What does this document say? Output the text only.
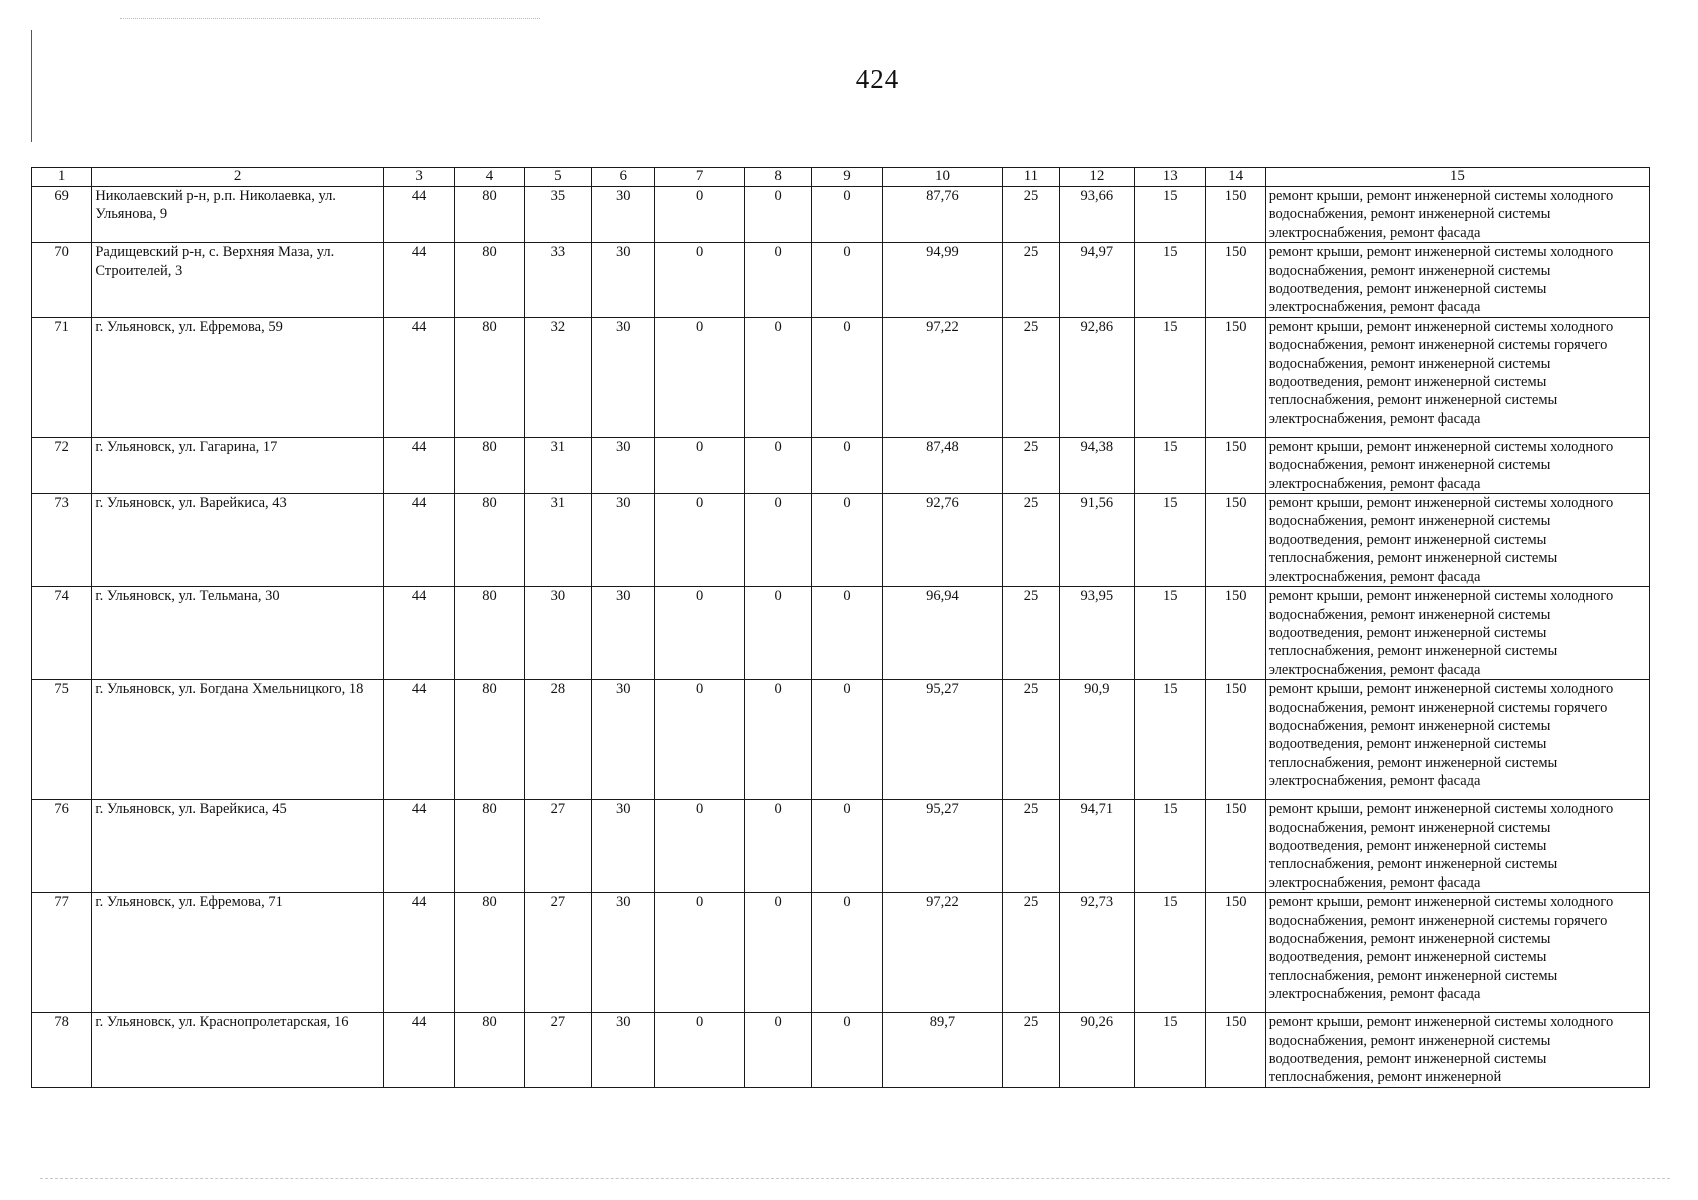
424
1	2	3	4	5	6	7	8	9	10	11	12	13	14	15
69	Николаевский р-н, р.п. Николаевка, ул. Ульянова, 9	44	80	35	30	0	0	0	87,76	25	93,66	15	150	ремонт крыши, ремонт инженерной системы холодного водоснабжения, ремонт инженерной системы электроснабжения, ремонт фасада
70	Радищевский р-н, с. Верхняя Маза, ул. Строителей, 3	44	80	33	30	0	0	0	94,99	25	94,97	15	150	ремонт крыши, ремонт инженерной системы холодного водоснабжения, ремонт инженерной системы водоотведения, ремонт инженерной системы электроснабжения, ремонт фасада
71	г. Ульяновск, ул. Ефремова, 59	44	80	32	30	0	0	0	97,22	25	92,86	15	150	ремонт крыши, ремонт инженерной системы холодного водоснабжения, ремонт инженерной системы горячего водоснабжения, ремонт инженерной системы водоотведения, ремонт инженерной системы теплоснабжения, ремонт инженерной системы электроснабжения, ремонт фасада
72	г. Ульяновск, ул. Гагарина, 17	44	80	31	30	0	0	0	87,48	25	94,38	15	150	ремонт крыши, ремонт инженерной системы холодного водоснабжения, ремонт инженерной системы электроснабжения, ремонт фасада
73	г. Ульяновск, ул. Варейкиса, 43	44	80	31	30	0	0	0	92,76	25	91,56	15	150	ремонт крыши, ремонт инженерной системы холодного водоснабжения, ремонт инженерной системы водоотведения, ремонт инженерной системы теплоснабжения, ремонт инженерной системы электроснабжения, ремонт фасада
74	г. Ульяновск, ул. Тельмана, 30	44	80	30	30	0	0	0	96,94	25	93,95	15	150	ремонт крыши, ремонт инженерной системы холодного водоснабжения, ремонт инженерной системы водоотведения, ремонт инженерной системы теплоснабжения, ремонт инженерной системы электроснабжения, ремонт фасада
75	г. Ульяновск, ул. Богдана Хмельницкого, 18	44	80	28	30	0	0	0	95,27	25	90,9	15	150	ремонт крыши, ремонт инженерной системы холодного водоснабжения, ремонт инженерной системы горячего водоснабжения, ремонт инженерной системы водоотведения, ремонт инженерной системы теплоснабжения, ремонт инженерной системы электроснабжения, ремонт фасада
76	г. Ульяновск, ул. Варейкиса, 45	44	80	27	30	0	0	0	95,27	25	94,71	15	150	ремонт крыши, ремонт инженерной системы холодного водоснабжения, ремонт инженерной системы водоотведения, ремонт инженерной системы теплоснабжения, ремонт инженерной системы электроснабжения, ремонт фасада
77	г. Ульяновск, ул. Ефремова, 71	44	80	27	30	0	0	0	97,22	25	92,73	15	150	ремонт крыши, ремонт инженерной системы холодного водоснабжения, ремонт инженерной системы горячего водоснабжения, ремонт инженерной системы водоотведения, ремонт инженерной системы теплоснабжения, ремонт инженерной системы электроснабжения, ремонт фасада
78	г. Ульяновск, ул. Краснопролетарская, 16	44	80	27	30	0	0	0	89,7	25	90,26	15	150	ремонт крыши, ремонт инженерной системы холодного водоснабжения, ремонт инженерной системы водоотведения, ремонт инженерной системы теплоснабжения, ремонт инженерной
